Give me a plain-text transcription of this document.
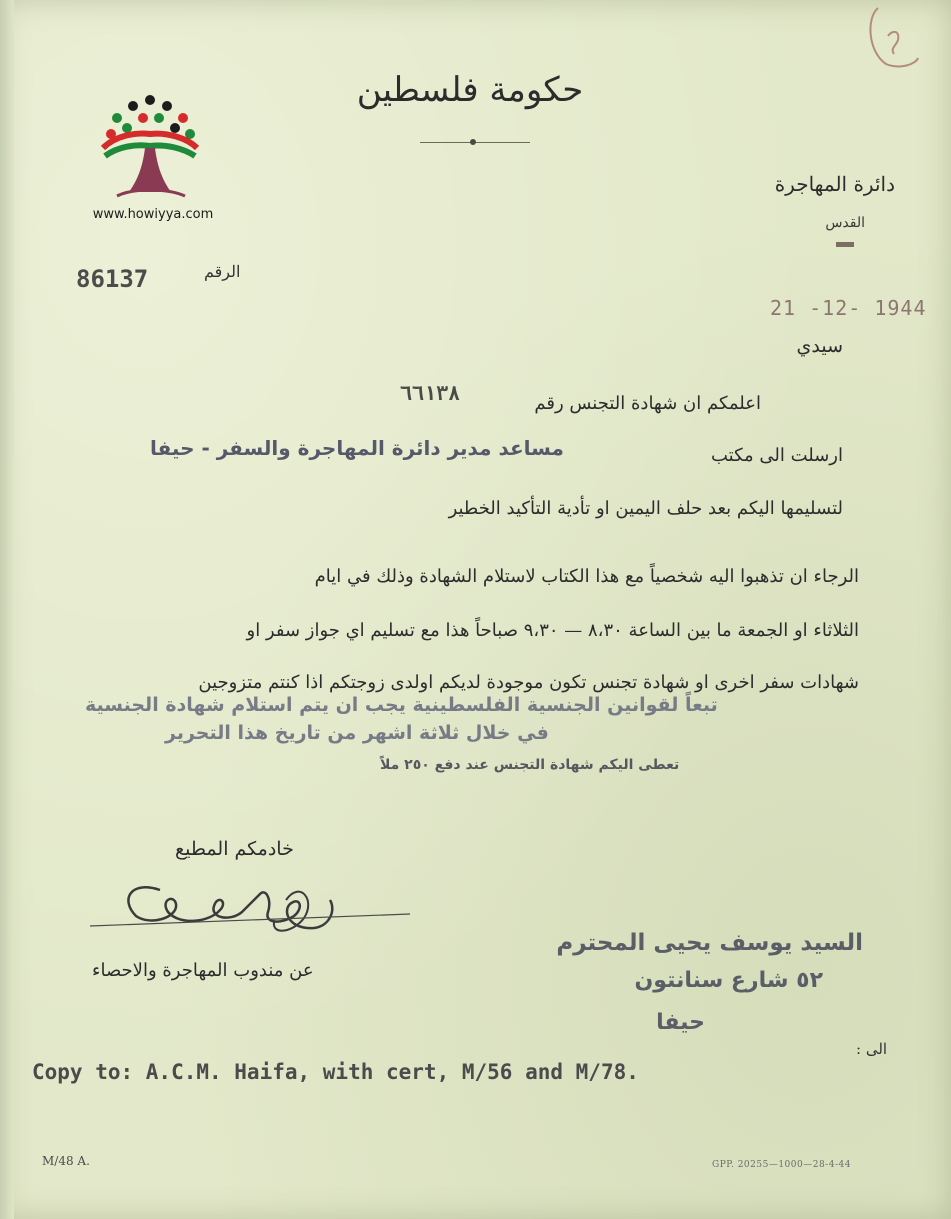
www.howiyya.com
حكومة فلسطين
دائرة المهاجرة
القدس
الرقم
86137
21 -12- 1944
سيدي
اعلمكم ان شهادة التجنس رقم
٦٦١٣٨
ارسلت الى مكتب
مساعد مدير دائرة المهاجرة والسفر - حيفا
لتسليمها اليكم بعد حلف اليمين او تأدية التأكيد الخطير
الرجاء ان تذهبوا اليه شخصياً مع هذا الكتاب لاستلام الشهادة وذلك في ايام
الثلاثاء او الجمعة ما بين الساعة ٨،٣٠ — ٩،٣٠ صباحاً هذا مع تسليم اي جواز سفر او
شهادات سفر اخرى او شهادة تجنس تكون موجودة لديكم اولدى زوجتكم اذا كنتم متزوجين
تبعاً لقوانين الجنسية الفلسطينية يجب ان يتم استلام شهادة الجنسية
في خلال ثلاثة اشهر من تاريخ هذا التحرير
تعطى اليكم شهادة التجنس عند دفع ٢٥٠ ملاً
خادمكم المطيع
عن مندوب المهاجرة والاحصاء
السيد يوسف يحيى المحترم
٥٢ شارع سنانتون
حيفا
الى :
Copy to: A.C.M. Haifa, with cert, M/56 and M/78.
M/48 A.	GPP. 20255—1000—28-4-44
